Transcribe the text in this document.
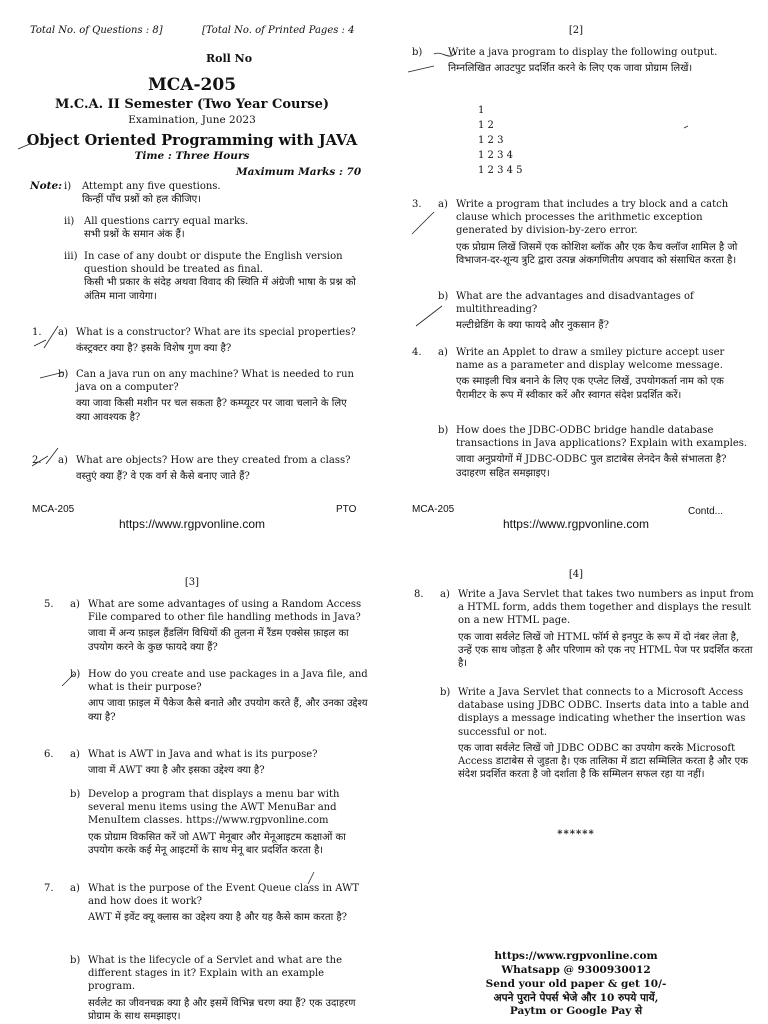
Total No. of Questions : 8]	[Total No. of Printed Pages : 4
Roll No
MCA-205
M.C.A. II Semester (Two Year Course)
Examination, June 2023
Object Oriented Programming with JAVA
Time : Three Hours
Maximum Marks : 70
Note: i) Attempt any five questions.
किन्हीं पाँच प्रश्नों को हल कीजिए।
ii) All questions carry equal marks.
सभी प्रश्नों के समान अंक हैं।
iii) In case of any doubt or dispute the English version question should be treated as final.
किसी भी प्रकार के संदेह अथवा विवाद की स्थिति में अंग्रेजी भाषा के प्रश्न को अंतिम माना जायेगा।
1.	a) What is a constructor? What are its special properties?

कंस्ट्रक्टर क्या है? इसके विशेष गुण क्या है?

b) Can a java run on any machine? What is needed to run java on a computer?

क्या जावा किसी मशीन पर चल सकता है? कम्प्यूटर पर जावा चलाने के लिए क्या आवश्यक है?

2.	a) What are objects? How are they created from a class?

वस्तुएं क्या हैं? वे एक वर्ग से कैसे बनाए जाते हैं?

MCA-205	PTO
https://www.rgpvonline.com
[2]
b)	Write a java program to display the following output.

निम्नलिखित आउटपुट प्रदर्शित करने के लिए एक जावा प्रोग्राम लिखें।

1
1 2
1 2 3
1 2 3 4
1 2 3 4 5
3.	a) Write a program that includes a try block and a catch clause which processes the arithmetic exception generated by division-by-zero error.

एक प्रोग्राम लिखें जिसमें एक कोशिश ब्लॉक और एक कैच क्लॉज शामिल है जो विभाजन-दर-शून्य त्रुटि द्वारा उत्पन्न अंकगणितीय अपवाद को संसाधित करता है।

b) What are the advantages and disadvantages of multithreading?

मल्टीथ्रेडिंग के क्या फायदे और नुकसान हैं?

4.	a) Write an Applet to draw a smiley picture accept user name as a parameter and display welcome message.

एक स्माइली चित्र बनाने के लिए एक एप्लेट लिखें, उपयोगकर्ता नाम को एक पैरामीटर के रूप में स्वीकार करें और स्वागत संदेश प्रदर्शित करें।

b) How does the JDBC-ODBC bridge handle database transactions in Java applications? Explain with examples.

जावा अनुप्रयोगों में JDBC-ODBC पुल डाटाबेस लेनदेन कैसे संभालता है? उदाहरण सहित समझाइए।

MCA-205	Contd...
https://www.rgpvonline.com
[3]
5.	a) What are some advantages of using a Random Access File compared to other file handling methods in Java?

जावा में अन्य फ़ाइल हैंडलिंग विधियों की तुलना में रैंडम एक्सेस फ़ाइल का उपयोग करने के कुछ फायदे क्या हैं?

b) How do you create and use packages in a Java file, and what is their purpose?

आप जावा फ़ाइल में पैकेज कैसे बनाते और उपयोग करते हैं, और उनका उद्देश्य क्या है?

6.	a) What is AWT in Java and what is its purpose?

जावा में AWT क्या है और इसका उद्देश्य क्या है?

b) Develop a program that displays a menu bar with several menu items using the AWT MenuBar and MenuItem classes. https://www.rgpvonline.com

एक प्रोग्राम विकसित करें जो AWT मेनूबार और मेनूआइटम कक्षाओं का उपयोग करके कई मेनू आइटमों के साथ मेनू बार प्रदर्शित करता है।

7.	a) What is the purpose of the Event Queue class in AWT and how does it work?

AWT में इवेंट क्यू क्लास का उद्देश्य क्या है और यह कैसे काम करता है?

b) What is the lifecycle of a Servlet and what are the different stages in it? Explain with an example program.

सर्वलेट का जीवनचक्र क्या है और इसमें विभिन्न चरण क्या हैं? एक उदाहरण प्रोग्राम के साथ समझाइए।

[4]
8.	a) Write a Java Servlet that takes two numbers as input from a HTML form, adds them together and displays the result on a new HTML page.

एक जावा सर्वलेट लिखें जो HTML फॉर्म से इनपुट के रूप में दो नंबर लेता है, उन्हें एक साथ जोड़ता है और परिणाम को एक नए HTML पेज पर प्रदर्शित करता है।

b) Write a Java Servlet that connects to a Microsoft Access database using JDBC ODBC. Inserts data into a table and displays a message indicating whether the insertion was successful or not.

एक जावा सर्वलेट लिखें जो JDBC ODBC का उपयोग करके Microsoft Access डाटाबेस से जुड़ता है। एक तालिका में डाटा सम्मिलित करता है और एक संदेश प्रदर्शित करता है जो दर्शाता है कि सम्मिलन सफल रहा या नहीं।

******
https://www.rgpvonline.com
Whatsapp @ 9300930012
Send your old paper & get 10/-
अपने पुराने पेपर्स भेजे और 10 रुपये पायें,
Paytm or Google Pay से
